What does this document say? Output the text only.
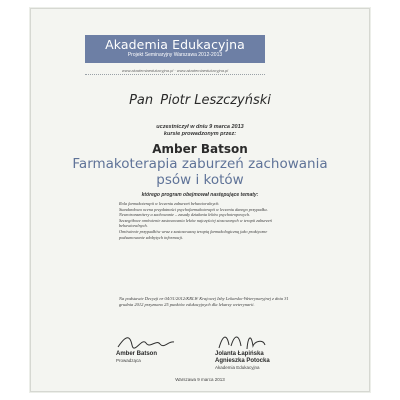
Akademia Edukacyjna
Projekt Seminaryjny Warszawa 2012-2013
www.akademiaedukacyjna.pl · www.akademiaedukacyjna.pl
Pan Piotr Leszczyński
uczestniczył w dniu 9 marca 2013
kursie prowadzonym przez:
Amber Batson
Farmakoterapia zaburzeń zachowania psów i kotów
którego program obejmował następujące tematy:
Rola farmakoterapii w leczeniu zaburzeń behawioralnych.
Standardowa ocena przydatności psychofarmakoterapii w leczeniu danego przypadku.
Neurotransmitery a zachowanie – zasady działania leków psychotropowych.
Szczegółowe omówienie zastosowania leków najczęściej stosowanych w terapii zaburzeń behawioralnych.
Omówienie przypadków wraz z zastosowaną terapią farmakologiczną jako praktyczne podsumowanie zdobytych informacji.
Na podstawie Decyzji nr 04/31/2012/KRLW Krajowej Izby Lekarsko-Weterynaryjnej z dnia 31 grudnia 2012 przyznano 25 punktów edukacyjnych dla lekarzy weterynarii.
Amber Batson
Prowadząca
Jolanta Łapińska
Agnieszka Potocka
Akademia Edukacyjna
Warszawa 9 marca 2013
